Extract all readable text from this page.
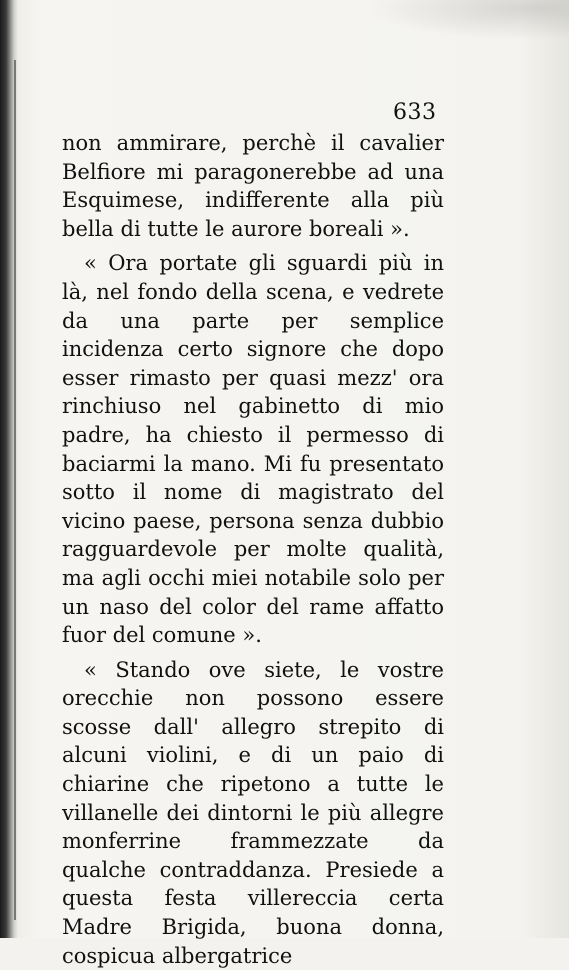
633

non ammirare, perchè il cavalier Belfiore mi paragonerebbe ad una Esquimese, indifferente alla più bella di tutte le aurore boreali ».

« Ora portate gli sguardi più in là, nel fondo della scena, e vedrete da una parte per semplice incidenza certo signore che dopo esser rimasto per quasi mezz' ora rinchiuso nel gabinetto di mio padre, ha chiesto il permesso di baciarmi la mano. Mi fu presentato sotto il nome di magistrato del vicino paese, persona senza dubbio ragguardevole per molte qualità, ma agli occhi miei notabile solo per un naso del color del rame affatto fuor del comune ».

« Stando ove siete, le vostre orecchie non possono essere scosse dall' allegro strepito di alcuni violini, e di un paio di chiarine che ripetono a tutte le villanelle dei dintorni le più allegre monferrine frammezzate da qualche contraddanza. Presiede a questa festa villereccia certa Madre Brigida, buona donna, cospicua albergatrice
